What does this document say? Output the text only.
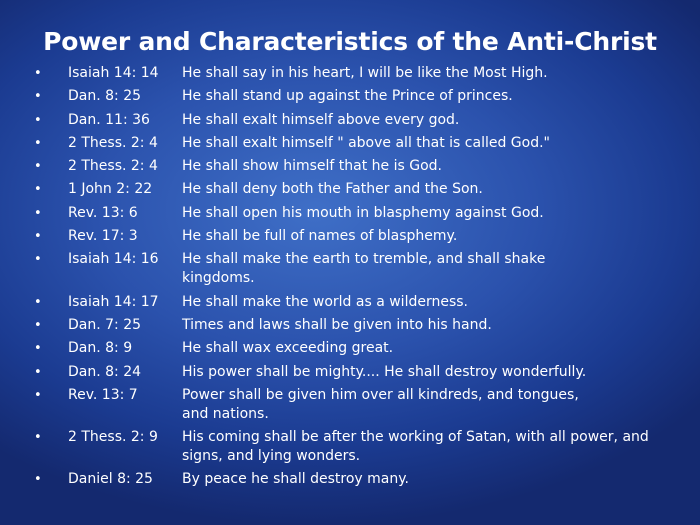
Power and Characteristics of the Anti-Christ
•	Isaiah 14: 14	He shall say in his heart, I will be like the Most High.
•	Dan. 8: 25	He shall stand up against the Prince of princes.
•	Dan. 11: 36	He shall exalt himself above every god.
•	2 Thess. 2: 4	He shall exalt himself " above all that is called God."
•	2 Thess. 2: 4	He shall show himself that he is God.
•	1 John 2: 22	He shall deny both the Father and the Son.
•	Rev. 13: 6	He shall open his mouth in blasphemy against God.
•	Rev. 17: 3	He shall be full of names of blasphemy.
•	Isaiah 14: 16	He shall make the earth to tremble, and shall shake kingdoms.
•	Isaiah 14: 17	He shall make the world as a wilderness.
•	Dan. 7: 25	Times and laws shall be given into his hand.
•	Dan. 8: 9	He shall wax exceeding great.
•	Dan. 8: 24	His power shall be mighty.... He shall destroy wonderfully.
•	Rev. 13: 7	Power shall be given him over all kindreds, and tongues, and nations.
•	2 Thess. 2: 9	His coming shall be after the working of Satan, with all power, and signs, and lying wonders.
•	Daniel 8: 25	By peace he shall destroy many.
